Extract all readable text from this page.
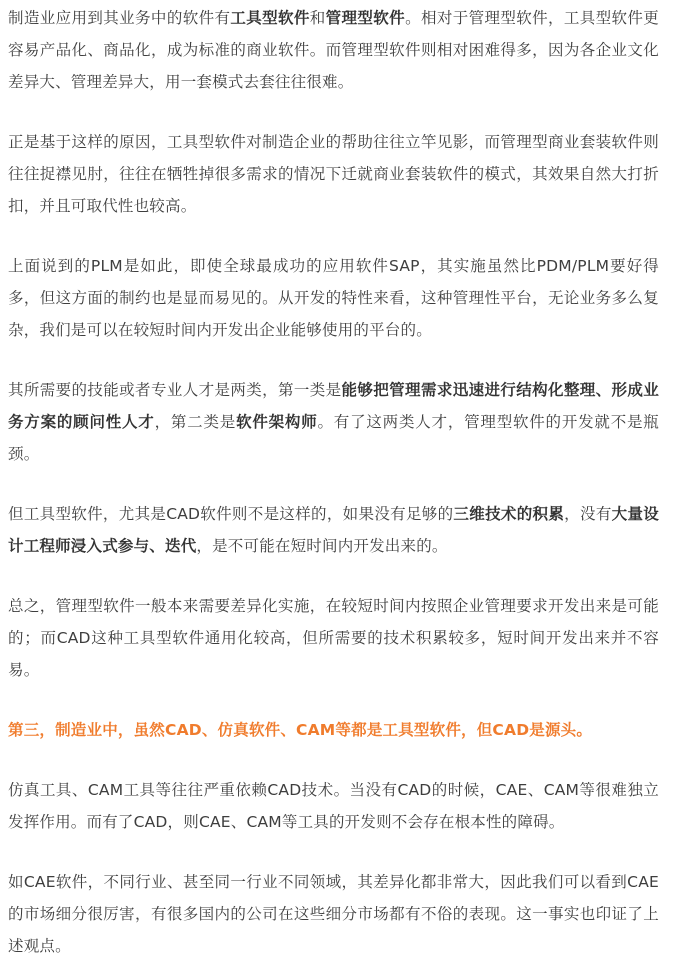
制造业应用到其业务中的软件有工具型软件和管理型软件。相对于管理型软件，工具型软件更容易产品化、商品化，成为标准的商业软件。而管理型软件则相对困难得多，因为各企业文化差异大、管理差异大，用一套模式去套往往很难。

正是基于这样的原因，工具型软件对制造企业的帮助往往立竿见影，而管理型商业套装软件则往往捉襟见肘，往往在牺牲掉很多需求的情况下迁就商业套装软件的模式，其效果自然大打折扣，并且可取代性也较高。

上面说到的PLM是如此，即使全球最成功的应用软件SAP，其实施虽然比PDM/PLM要好得多，但这方面的制约也是显而易见的。从开发的特性来看，这种管理性平台，无论业务多么复杂，我们是可以在较短时间内开发出企业能够使用的平台的。

其所需要的技能或者专业人才是两类，第一类是能够把管理需求迅速进行结构化整理、形成业务方案的顾问性人才，第二类是软件架构师。有了这两类人才，管理型软件的开发就不是瓶颈。

但工具型软件，尤其是CAD软件则不是这样的，如果没有足够的三维技术的积累，没有大量设计工程师浸入式参与、迭代，是不可能在短时间内开发出来的。

总之，管理型软件一般本来需要差异化实施，在较短时间内按照企业管理要求开发出来是可能的；而CAD这种工具型软件通用化较高，但所需要的技术积累较多，短时间开发出来并不容易。

第三，制造业中，虽然CAD、仿真软件、CAM等都是工具型软件，但CAD是源头。

仿真工具、CAM工具等往往严重依赖CAD技术。当没有CAD的时候，CAE、CAM等很难独立发挥作用。而有了CAD，则CAE、CAM等工具的开发则不会存在根本性的障碍。

如CAE软件，不同行业、甚至同一行业不同领域，其差异化都非常大，因此我们可以看到CAE的市场细分很厉害，有很多国内的公司在这些细分市场都有不俗的表现。这一事实也印证了上述观点。
